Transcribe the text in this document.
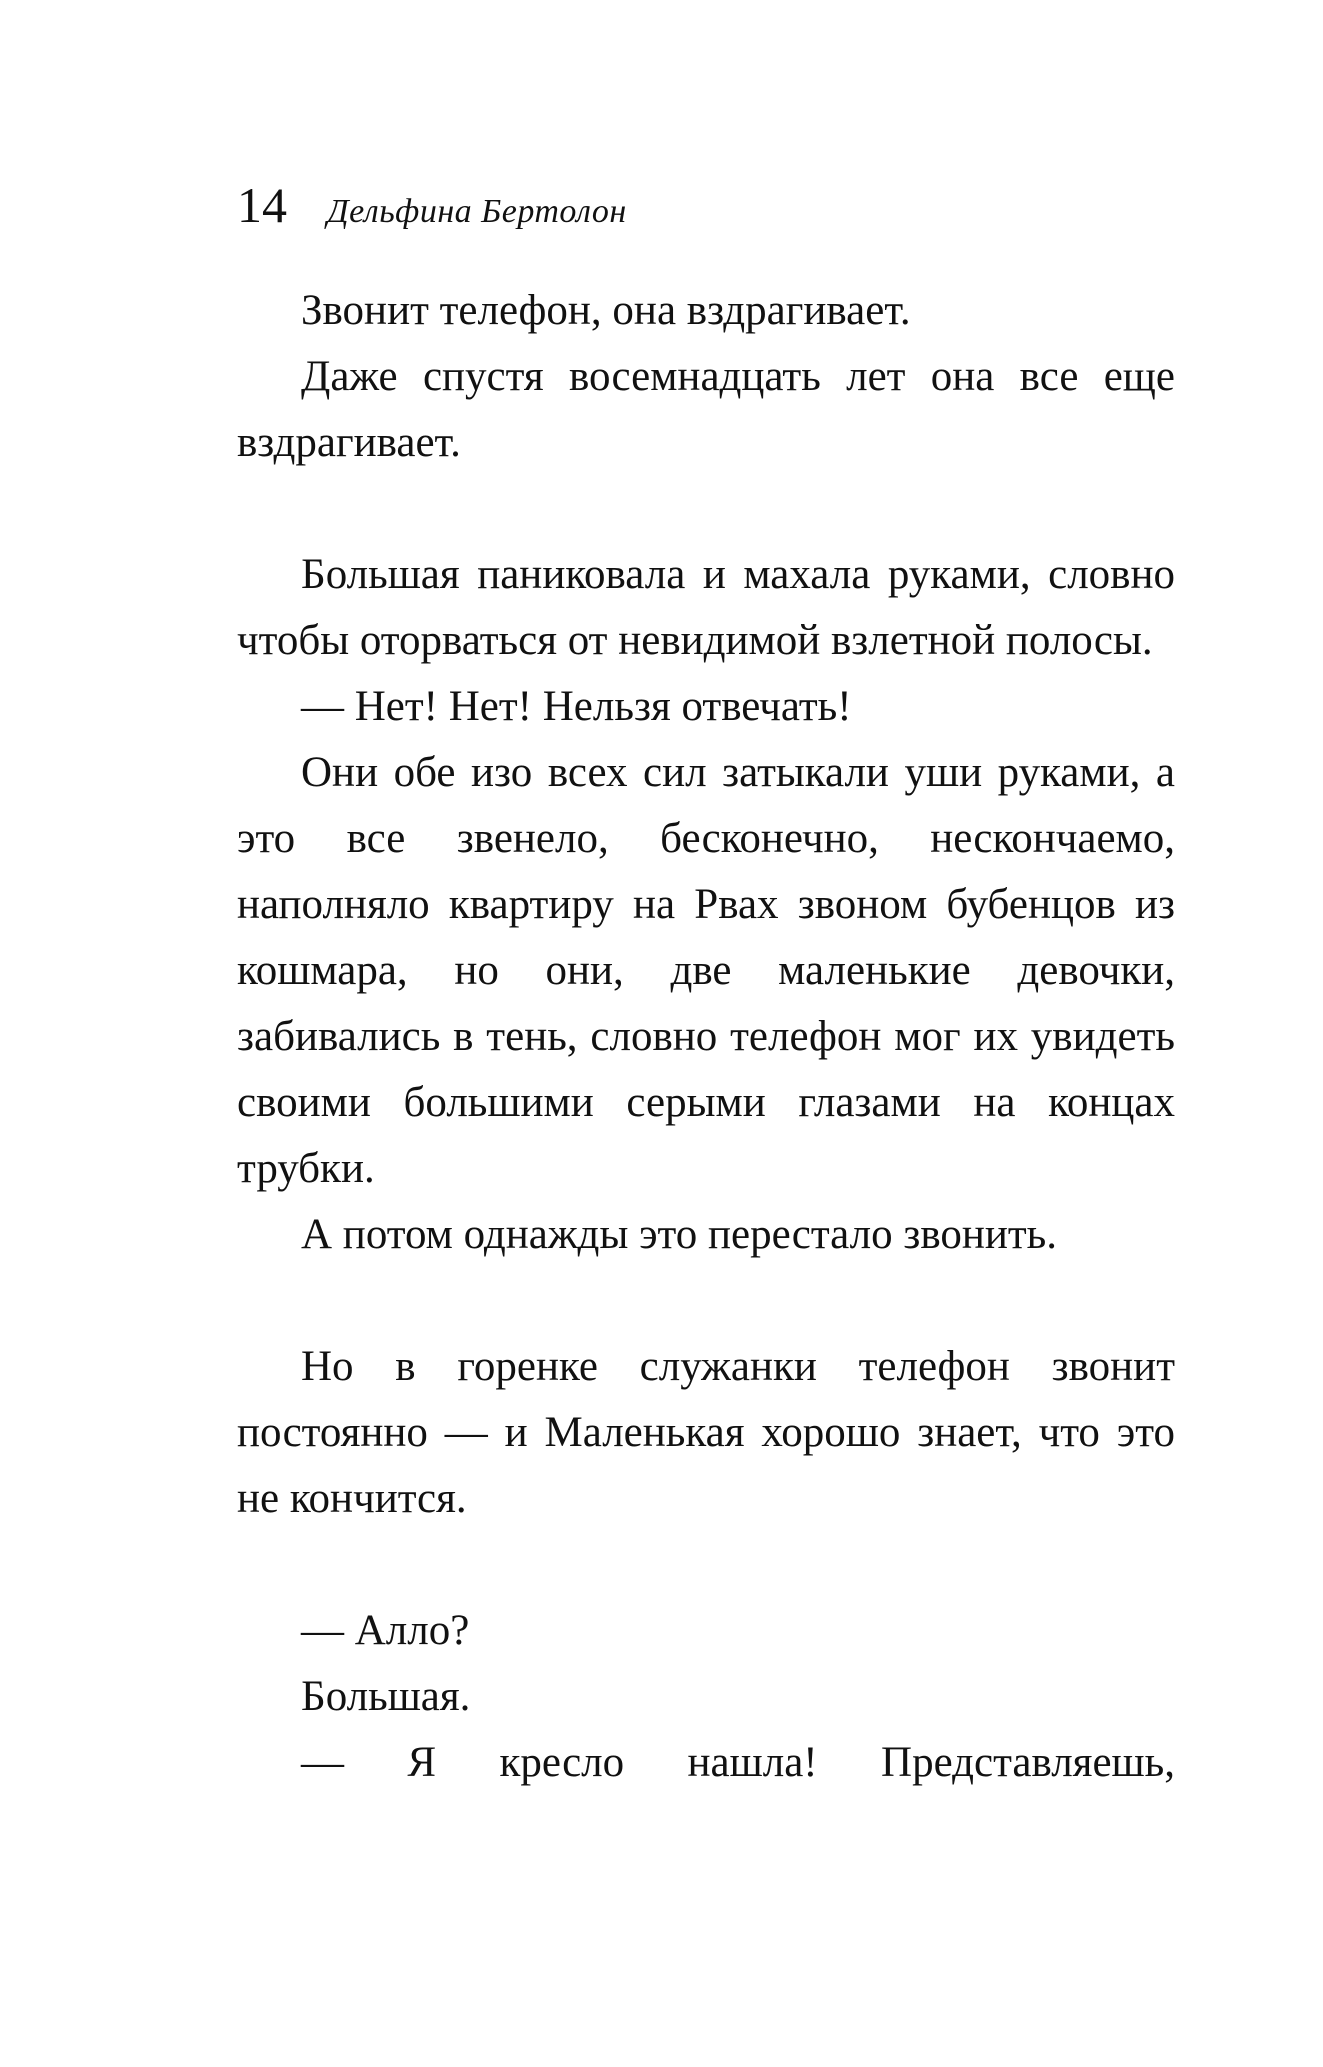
14 Дельфина Бертолон

Звонит телефон, она вздрагивает.

Даже спустя восемнадцать лет она все еще вздрагивает.

Большая паниковала и махала руками, словно чтобы оторваться от невидимой взлетной полосы.

— Нет! Нет! Нельзя отвечать!

Они обе изо всех сил затыкали уши руками, а это все звенело, бесконечно, нескончаемо, наполняло квартиру на Рвах звоном бубенцов из кошмара, но они, две маленькие девочки, забивались в тень, словно телефон мог их увидеть своими большими серыми глазами на концах трубки.

А потом однажды это перестало звонить.

Но в горенке служанки телефон звонит постоянно — и Маленькая хорошо знает, что это не кончится.

— Алло?

Большая.

— Я кресло нашла! Представляешь,
